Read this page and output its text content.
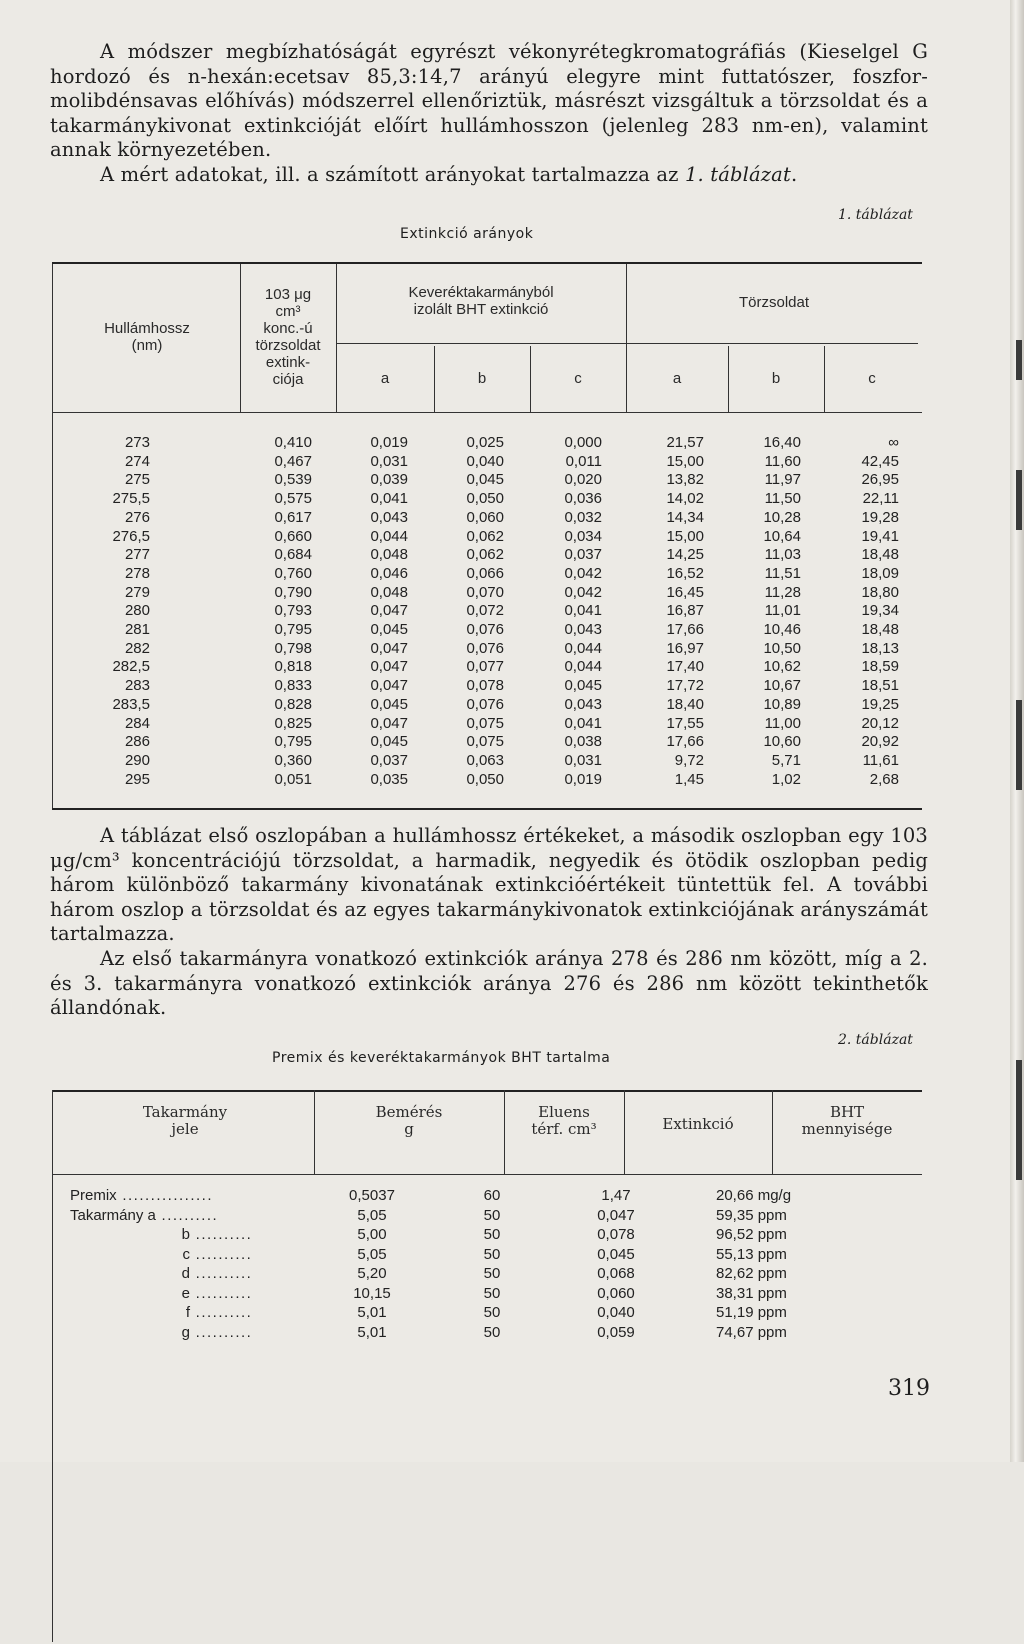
A módszer megbízhatóságát egyrészt vékonyrétegkromatográfiás (Kieselgel G hordozó és n-hexán:ecetsav 85,3:14,7 arányú elegyre mint futtatószer, foszfor-molibdénsavas előhívás) módszerrel ellenőriztük, másrészt vizsgáltuk a törzsoldat és a takarmánykivonat extinkcióját előírt hullámhosszon (jelenleg 283 nm-en), valamint annak környezetében.

A mért adatokat, ill. a számított arányokat tartalmazza az 1. táblázat.

1. táblázat
Extinkció arányok
Hullámhossz
(nm)
103 μg
cm³
konc.-ú
törzsoldat
extink-
ciója
Keveréktakarmányból
izolált BHT extinkció	Törzsoldat
a	b	c	a	b	c
273	0,410	0,019	0,025	0,000	21,57	16,40	∞
274	0,467	0,031	0,040	0,011	15,00	11,60	42,45
275	0,539	0,039	0,045	0,020	13,82	11,97	26,95
275,5	0,575	0,041	0,050	0,036	14,02	11,50	22,11
276	0,617	0,043	0,060	0,032	14,34	10,28	19,28
276,5	0,660	0,044	0,062	0,034	15,00	10,64	19,41
277	0,684	0,048	0,062	0,037	14,25	11,03	18,48
278	0,760	0,046	0,066	0,042	16,52	11,51	18,09
279	0,790	0,048	0,070	0,042	16,45	11,28	18,80
280	0,793	0,047	0,072	0,041	16,87	11,01	19,34
281	0,795	0,045	0,076	0,043	17,66	10,46	18,48
282	0,798	0,047	0,076	0,044	16,97	10,50	18,13
282,5	0,818	0,047	0,077	0,044	17,40	10,62	18,59
283	0,833	0,047	0,078	0,045	17,72	10,67	18,51
283,5	0,828	0,045	0,076	0,043	18,40	10,89	19,25
284	0,825	0,047	0,075	0,041	17,55	11,00	20,12
286	0,795	0,045	0,075	0,038	17,66	10,60	20,92
290	0,360	0,037	0,063	0,031	9,72	5,71	11,61
295	0,051	0,035	0,050	0,019	1,45	1,02	2,68

A táblázat első oszlopában a hullámhossz értékeket, a második oszlopban egy 103 μg/cm³ koncentrációjú törzsoldat, a harmadik, negyedik és ötödik oszlopban pedig három különböző takarmány kivonatának extinkcióértékeit tüntettük fel. A további három oszlop a törzsoldat és az egyes takarmánykivonatok extinkciójának arányszámát tartalmazza.

Az első takarmányra vonatkozó extinkciók aránya 278 és 286 nm között, míg a 2. és 3. takarmányra vonatkozó extinkciók aránya 276 és 286 nm között tekinthetők állandónak.

2. táblázat
Premix és keveréktakarmányok BHT tartalma
Takarmány
jele
Bemérés
g
Eluens
térf. cm³	Extinkció
BHT
mennyisége
Premix ................	0,5037	60	1,47	20,66 mg/g
Takarmány a ..........	5,05	50	0,047	59,35 ppm
b ..........	5,00	50	0,078	96,52 ppm
c ..........	5,05	50	0,045	55,13 ppm
d ..........	5,20	50	0,068	82,62 ppm
e ..........	10,15	50	0,060	38,31 ppm
f ..........	5,01	50	0,040	51,19 ppm
g ..........	5,01	50	0,059	74,67 ppm
319
